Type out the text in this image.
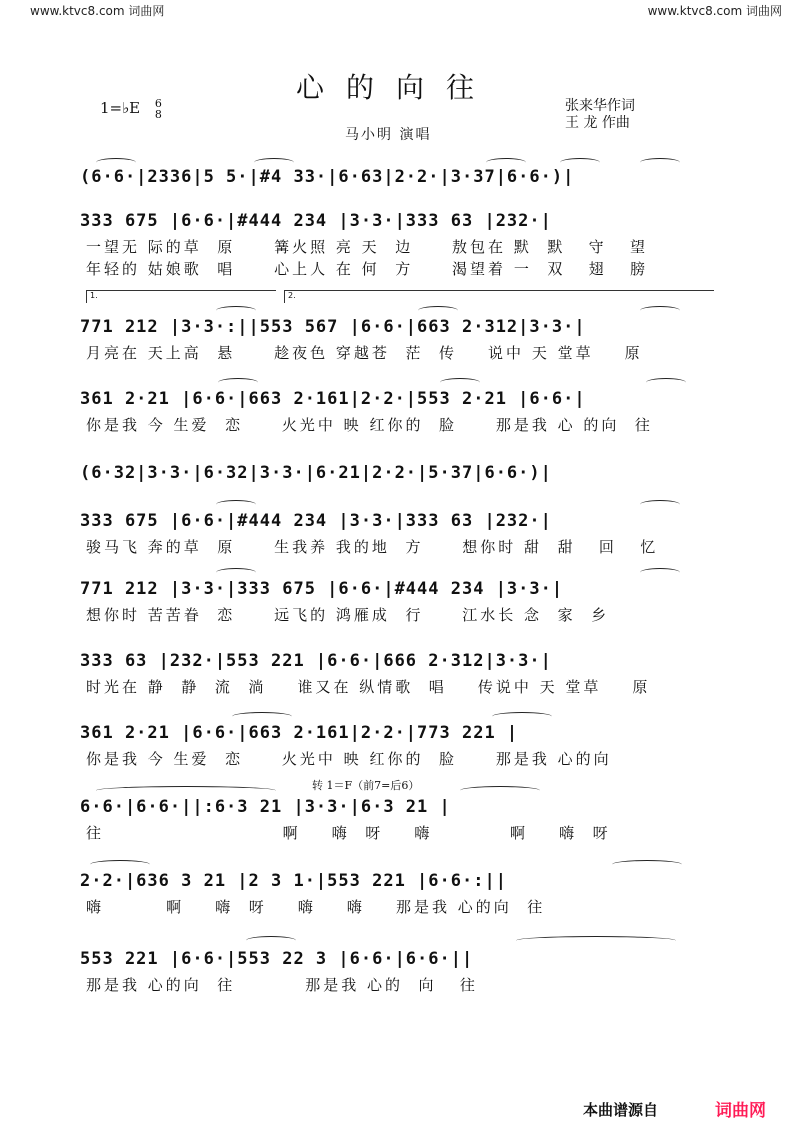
www.ktvc8.com 词曲网	www.ktvc8.com 词曲网
心的向往
1=♭E 6
8
张来华作词
王 龙 作曲
马小明 演唱
1.	2.
转 1＝F（前7=后6）
(6·6·|2336|5 5·|#4 33·|6·63|2·2·|3·37|6·6·)|
333 675 |6·6·|#444 234 |3·3·|333 63 |232·|
一望无 际的草  原     篝火照 亮 天  边     敖包在 默  默   守   望
年轻的 姑娘歌  唱     心上人 在 何  方     渴望着 一  双   翅   膀
771 212 |3·3·:||553 567 |6·6·|663 2·312|3·3·|
月亮在 天上高  悬     趁夜色 穿越苍  茫  传    说中 天 堂草    原
361 2·21 |6·6·|663 2·161|2·2·|553 2·21 |6·6·|
你是我 今 生爱  恋     火光中 映 红你的  脸     那是我 心 的向  往
(6·32|3·3·|6·32|3·3·|6·21|2·2·|5·37|6·6·)|
333 675 |6·6·|#444 234 |3·3·|333 63 |232·|
骏马飞 奔的草  原     生我养 我的地  方     想你时 甜  甜   回   忆
771 212 |3·3·|333 675 |6·6·|#444 234 |3·3·|
想你时 苦苦眷  恋     远飞的 鸿雁成  行     江水长 念  家  乡
333 63 |232·|553 221 |6·6·|666 2·312|3·3·|
时光在 静  静  流  淌    谁又在 纵情歌  唱    传说中 天 堂草    原
361 2·21 |6·6·|663 2·161|2·2·|773 221 |
你是我 今 生爱  恋     火光中 映 红你的  脸     那是我 心的向
6·6·|6·6·||:6·3 21 |3·3·|6·3 21 |
往                       啊    嗨  呀    嗨          啊    嗨  呀
2·2·|636 3 21 |2 3 1·|553 221 |6·6·:||
嗨        啊    嗨  呀    嗨    嗨    那是我 心的向  往
553 221 |6·6·|553 22 3 |6·6·|6·6·||
那是我 心的向  往         那是我 心的  向   往
本曲谱源自	词曲网
